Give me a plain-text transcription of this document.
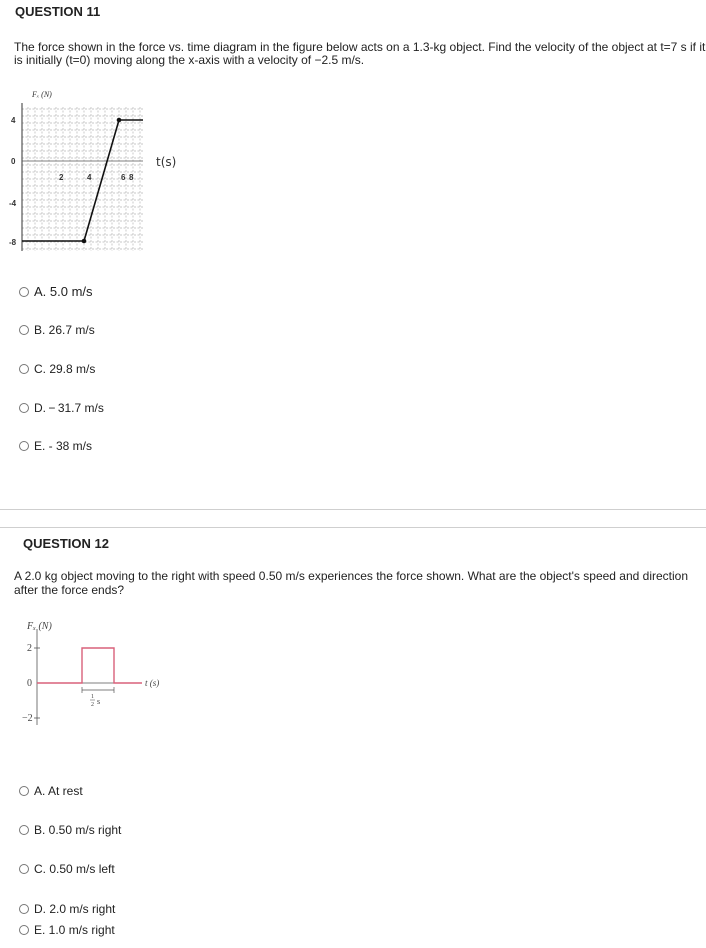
QUESTION 11
The force shown in the force vs. time diagram in the figure below acts on a 1.3-kg object. Find the velocity of the object at t=7 s if it
is initially (t=0) moving along the x-axis with a velocity of −2.5 m/s.
Fₓ (N)
4
0
-4
-8
2	4	6 8
t(s)
A. 5.0 m/s
B. 26.7 m/s
C. 29.8 m/s
D. − 31.7 m/s
E. - 38 m/s
QUESTION 12
A 2.0 kg object moving to the right with speed 0.50 m/s experiences the force shown. What are the object's speed and direction
after the force ends?
Fₓ (N)
2
0
−2
1
2 s
t (s)
A. At rest
B. 0.50 m/s right
C. 0.50 m/s left
D. 2.0 m/s right
E. 1.0 m/s right
